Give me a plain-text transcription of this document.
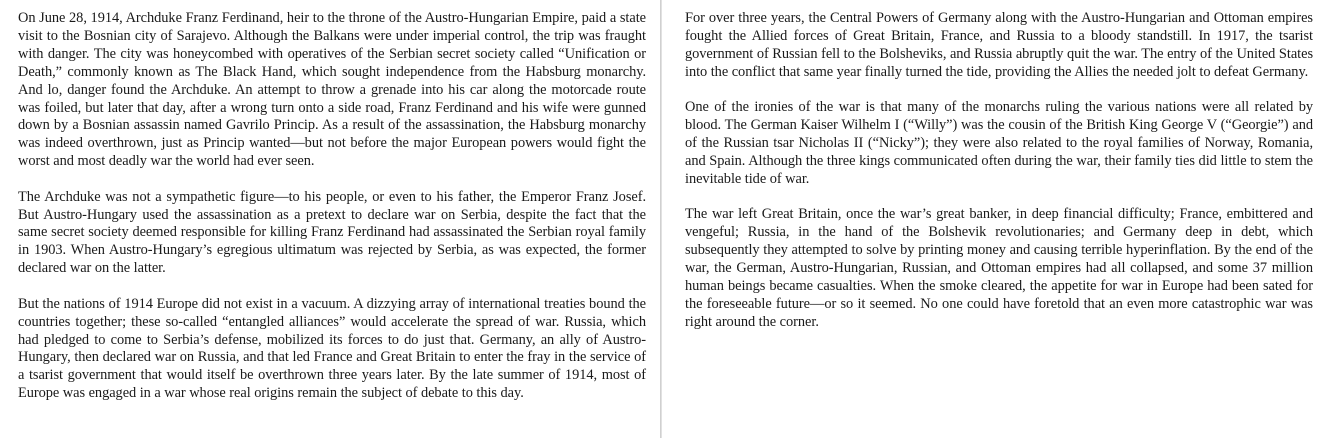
On June 28, 1914, Archduke Franz Ferdinand, heir to the throne of the Austro-Hungarian Empire, paid a state visit to the Bosnian city of Sarajevo. Although the Balkans were under imperial control, the trip was fraught with danger. The city was honeycombed with operatives of the Serbian secret society called “Unification or Death,” commonly known as The Black Hand, which sought independence from the Habsburg monarchy. And lo, danger found the Archduke. An attempt to throw a grenade into his car along the motorcade route was foiled, but later that day, after a wrong turn onto a side road, Franz Ferdinand and his wife were gunned down by a Bosnian assassin named Gavrilo Princip. As a result of the assassination, the Habsburg monarchy was indeed overthrown, just as Princip wanted—but not before the major European powers would fight the worst and most deadly war the world had ever seen.

The Archduke was not a sympathetic figure—to his people, or even to his father, the Emperor Franz Josef. But Austro-Hungary used the assassination as a pretext to declare war on Serbia, despite the fact that the same secret society deemed responsible for killing Franz Ferdinand had assassinated the Serbian royal family in 1903. When Austro-Hungary’s egregious ultimatum was rejected by Serbia, as was expected, the former declared war on the latter.

But the nations of 1914 Europe did not exist in a vacuum. A dizzying array of international treaties bound the countries together; these so-called “entangled alliances” would accelerate the spread of war. Russia, which had pledged to come to Serbia’s defense, mobilized its forces to do just that. Germany, an ally of Austro-Hungary, then declared war on Russia, and that led France and Great Britain to enter the fray in the service of a tsarist government that would itself be overthrown three years later. By the late summer of 1914, most of Europe was engaged in a war whose real origins remain the subject of debate to this day.

For over three years, the Central Powers of Germany along with the Austro-Hungarian and Ottoman empires fought the Allied forces of Great Britain, France, and Russia to a bloody standstill. In 1917, the tsarist government of Russian fell to the Bolsheviks, and Russia abruptly quit the war. The entry of the United States into the conflict that same year finally turned the tide, providing the Allies the needed jolt to defeat Germany.

One of the ironies of the war is that many of the monarchs ruling the various nations were all related by blood. The German Kaiser Wilhelm I (“Willy”) was the cousin of the British King George V (“Georgie”) and of the Russian tsar Nicholas II (“Nicky”); they were also related to the royal families of Norway, Romania, and Spain. Although the three kings communicated often during the war, their family ties did little to stem the inevitable tide of war.

The war left Great Britain, once the war’s great banker, in deep financial difficulty; France, embittered and vengeful; Russia, in the hand of the Bolshevik revolutionaries; and Germany deep in debt, which subsequently they attempted to solve by printing money and causing terrible hyperinflation. By the end of the war, the German, Austro-Hungarian, Russian, and Ottoman empires had all collapsed, and some 37 million human beings became casualties. When the smoke cleared, the appetite for war in Europe had been sated for the foreseeable future—or so it seemed. No one could have foretold that an even more catastrophic war was right around the corner.
